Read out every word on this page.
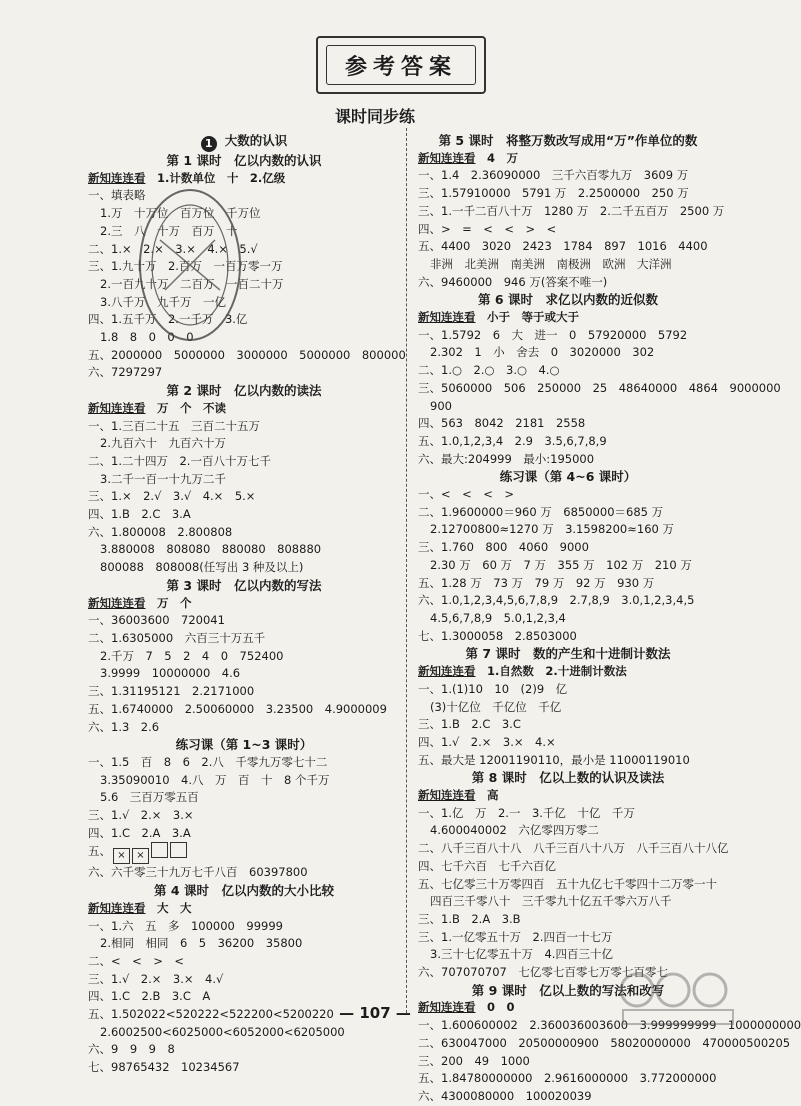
参考答案
课时同步练
1 大数的认识
第 1 课时　亿以内数的认识
新知连连看　 1.计数单位　十　2.亿级
一、填表略
1.万　十万位　百万位　千万位
2.三　八　十万　百万　十
二、1.×　2.×　3.×　4.×　5.√
三、1.九十万　2.百万　一百万零一万
2.一百九十万　二百万　一百二十万
3.八千万　九千万　一亿
四、1.五千万　2.一千万　3.亿
1.8　8　0　0　0
五、2000000　5000000　3000000　5000000　800000
六、7297297
第 2 课时　亿以内数的读法
新知连连看　 万　个　不读
一、1.三百二十五　三百二十五万
2.九百六十　九百六十万
二、1.二十四万　2.一百八十万七千
3.二千一百一十九万二千
三、1.×　2.√　3.√　4.×　5.×
四、1.B　2.C　3.A
六、1.800008　2.800808
3.880008　808080　880080　808880
800088　808008(任写出 3 种及以上)
第 3 课时　亿以内数的写法
新知连连看　 万　个
一、36003600　720041
二、1.6305000　六百三十万五千
2.千万　7　5　2　4　0　752400
3.9999　10000000　4.6
三、1.31195121　2.2171000
五、1.6740000　2.50060000　3.23500　4.9000009
六、1.3　2.6
练习课（第 1~3 课时）
一、1.5　百　8　6　2.八　千零九万零七十二
3.35090010　4.八　万　百　十　8 个千万
5.6　三百万零五百
三、1.√　2.×　3.×
四、1.C　2.A　3.A
五、 × ×
六、六千零三十九万七千八百　60397800
第 4 课时　亿以内数的大小比较
新知连连看　 大　大
一、1.六　五　多　100000　99999
2.相同　相同　6　5　36200　35800
二、<　<　>　<
三、1.√　2.×　3.×　4.√
四、1.C　2.B　3.C　A
五、1.502022<520222<522200<5200220
2.6002500<6025000<6052000<6205000
六、9　9　9　8
七、98765432　10234567
第 5 课时　将整万数改写成用“万”作单位的数
新知连连看　 4　万
一、1.4　2.36090000　三千六百零九万　3609 万
三、1.57910000　5791 万　2.2500000　250 万
三、1.一千二百八十万　1280 万　2.二千五百万　2500 万
四、>　=　<　<　>　<
五、4400　3020　2423　1784　897　1016　4400
非洲　北美洲　南美洲　南极洲　欧洲　大洋洲
六、9460000　946 万(答案不唯一)
第 6 课时　求亿以内数的近似数
新知连连看　 小于　等于或大于
一、1.5792　6　大　进一　0　57920000　5792
2.302　1　小　舍去　0　3020000　302
二、1.○　2.○　3.○　4.○
三、5060000　506　250000　25　48640000　4864　9000000
900
四、563　8042　2181　2558
五、1.0,1,2,3,4　2.9　3.5,6,7,8,9
六、最大:204999　最小:195000
练习课（第 4~6 课时）
一、<　<　<　>
二、1.9600000＝960 万　6850000＝685 万
2.12700800≈1270 万　3.1598200≈160 万
三、1.760　800　4060　9000
2.30 万　60 万　7 万　355 万　102 万　210 万
五、1.28 万　73 万　79 万　92 万　930 万
六、1.0,1,2,3,4,5,6,7,8,9　2.7,8,9　3.0,1,2,3,4,5
4.5,6,7,8,9　5.0,1,2,3,4
七、1.3000058　2.8503000
第 7 课时　数的产生和十进制计数法
新知连连看　 1.自然数　2.十进制计数法
一、1.(1)10　10　(2)9　亿
(3)十亿位　千亿位　千亿
三、1.B　2.C　3.C
四、1.√　2.×　3.×　4.×
五、最大是 12001190110，最小是 11000119010
第 8 课时　亿以上数的认识及读法
新知连连看　 高
一、1.亿　万　2.一　3.千亿　十亿　千万
4.600040002　六亿零四万零二
二、八千三百八十八　八千三百八十八万　八千三百八十八亿
四、七千六百　七千六百亿
五、七亿零三十万零四百　五十九亿七千零四十二万零一十
四百三千零八十　三千零九十亿五千零六万八千
三、1.B　2.A　3.B
三、1.一亿零五十万　2.四百一十七万
3.三十七亿零五十万　4.四百三十亿
六、707070707　七亿零七百零七万零七百零七
第 9 课时　亿以上数的写法和改写
新知连连看　 0　0
一、1.600600002　2.360036003600　3.999999999　1000000000
二、630047000　20500000900　58020000000　470000500205
三、200　49　1000
五、1.84780000000　2.9616000000　3.772000000
六、4300080000　100020039
— 107 —
